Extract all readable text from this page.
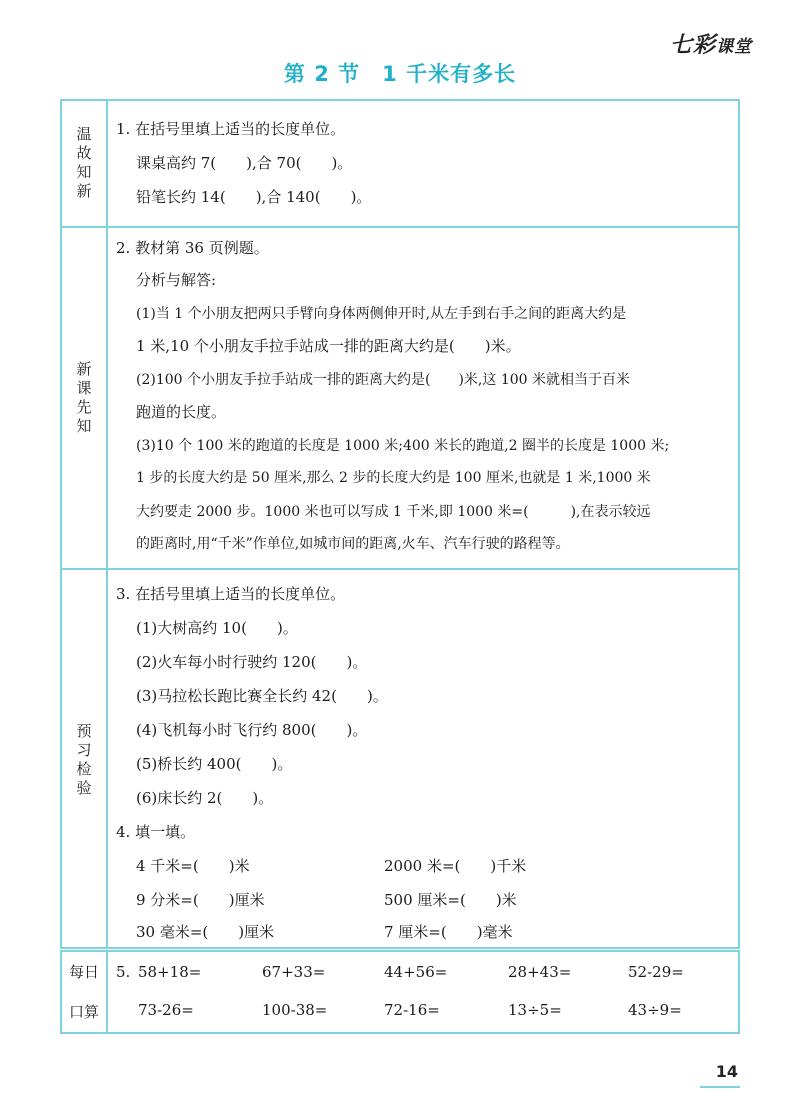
七彩课堂
第 2 节 1 千米有多长
温
故
知
新
1. 在括号里填上适当的长度单位。
课桌高约 7(　　),合 70(　　)。
铅笔长约 14(　　),合 140(　　)。
新
课
先
知
2. 教材第 36 页例题。
分析与解答:
(1)当 1 个小朋友把两只手臂向身体两侧伸开时,从左手到右手之间的距离大约是
1 米,10 个小朋友手拉手站成一排的距离大约是(　　)米。
(2)100 个小朋友手拉手站成一排的距离大约是(　　)米,这 100 米就相当于百米
跑道的长度。
(3)10 个 100 米的跑道的长度是 1000 米;400 米长的跑道,2 圈半的长度是 1000 米;
1 步的长度大约是 50 厘米,那么 2 步的长度大约是 100 厘米,也就是 1 米,1000 米
大约要走 2000 步。1000 米也可以写成 1 千米,即 1000 米=(　　　),在表示较远
的距离时,用“千米”作单位,如城市间的距离,火车、汽车行驶的路程等。
预
习
检
验
3. 在括号里填上适当的长度单位。
(1)大树高约 10(　　)。
(2)火车每小时行驶约 120(　　)。
(3)马拉松长跑比赛全长约 42(　　)。
(4)飞机每小时飞行约 800(　　)。
(5)桥长约 400(　　)。
(6)床长约 2(　　)。
4. 填一填。
4 千米=(　　)米	2000 米=(　　)千米
9 分米=(　　)厘米	500 厘米=(　　)米
30 毫米=(　　)厘米	7 厘米=(　　)毫米
每日
口算
5. 58+18=	67+33=	44+56=	28+43=	52-29=
73-26=	100-38=	72-16=	13÷5=	43÷9=
14
